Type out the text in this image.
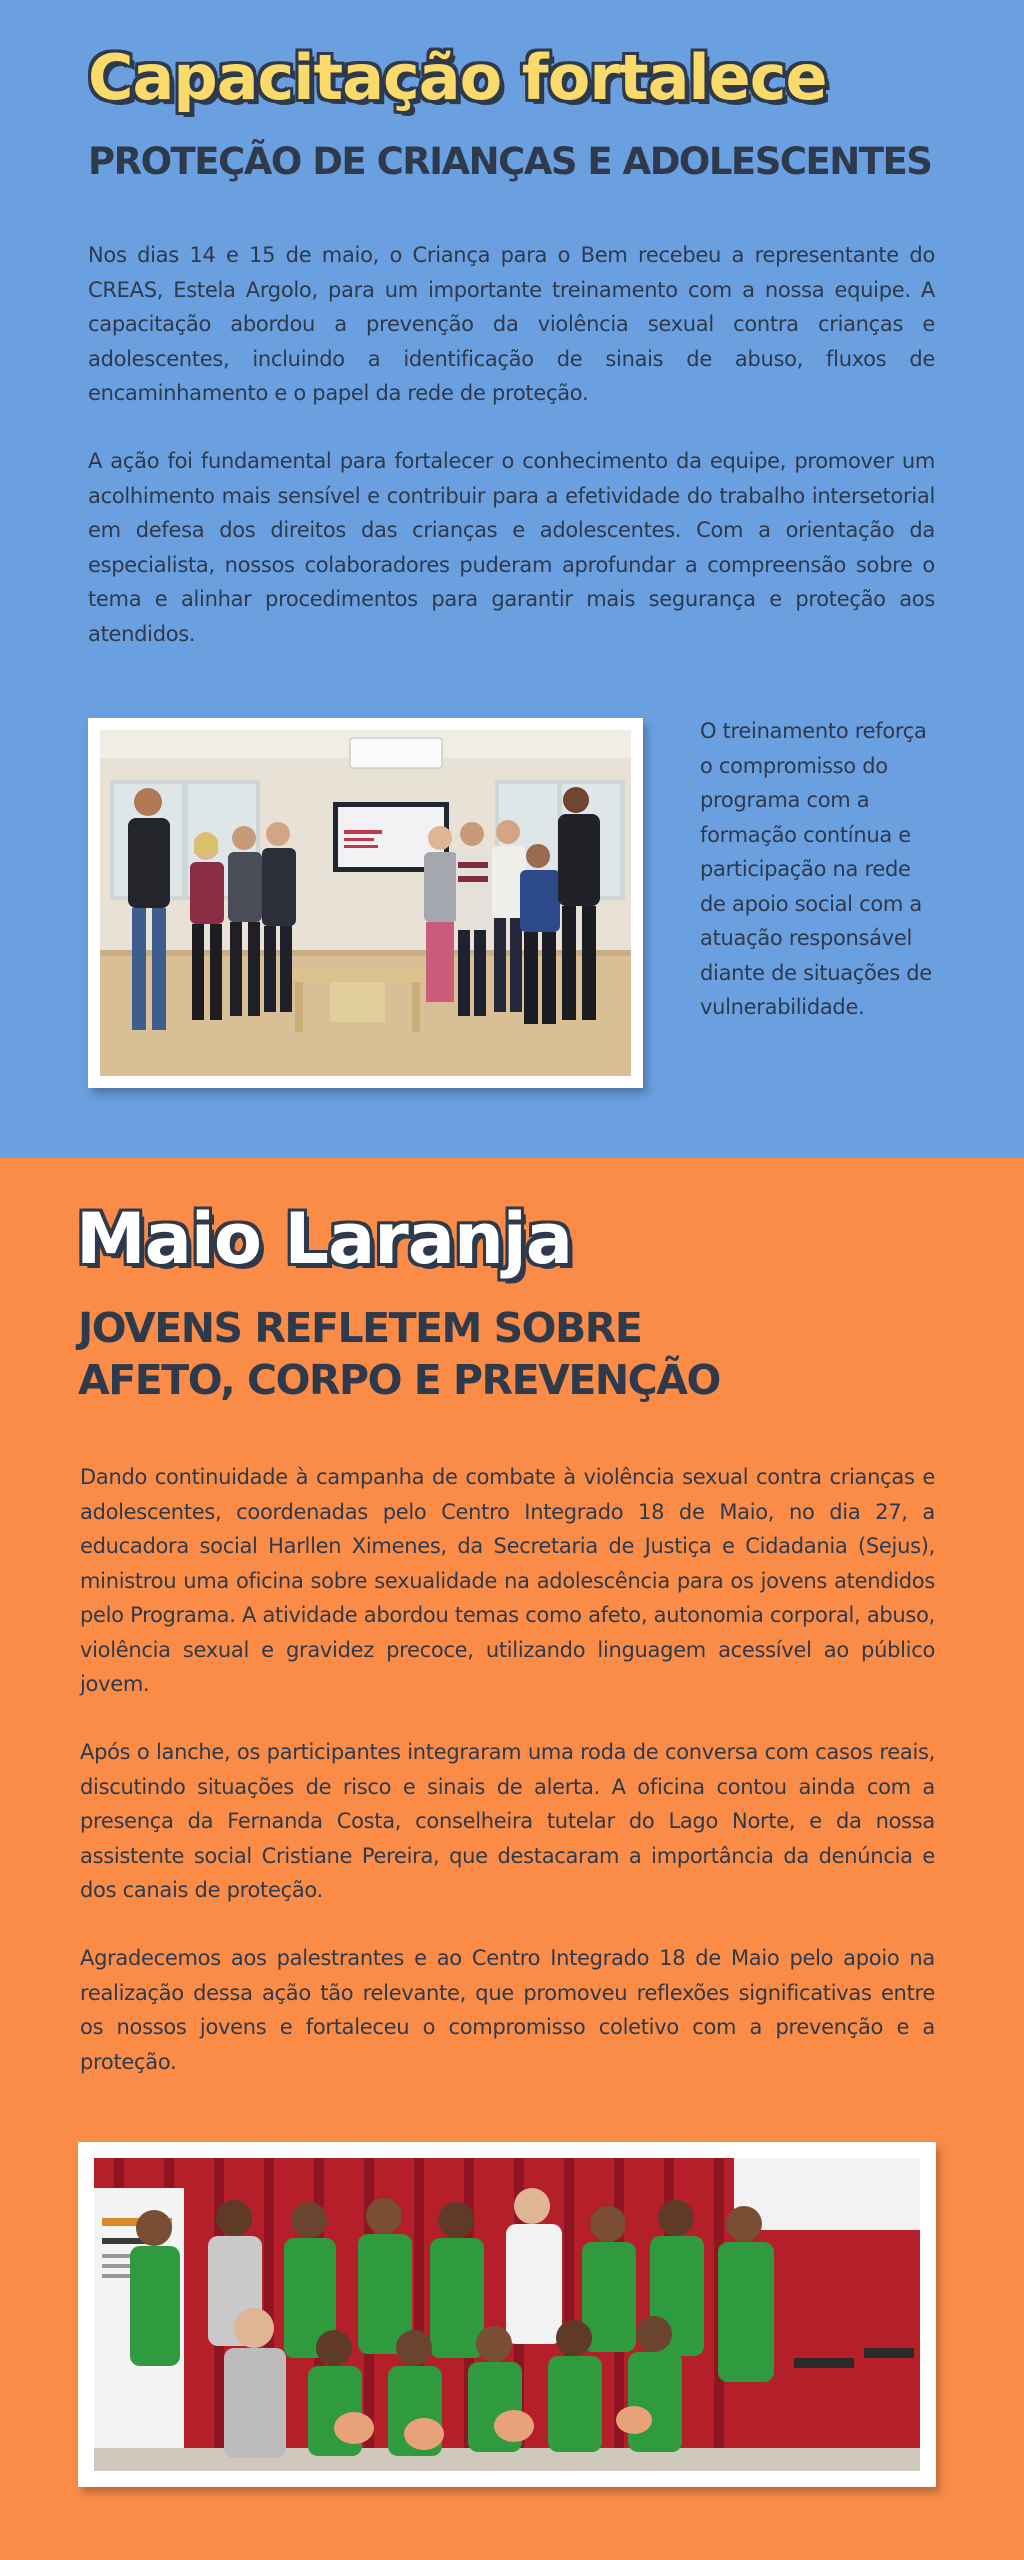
Capacitação fortalece
PROTEÇÃO DE CRIANÇAS E ADOLESCENTES

Nos dias 14 e 15 de maio, o Criança para o Bem recebeu a representante do CREAS, Estela Argolo, para um importante treinamento com a nossa equipe. A capacitação abordou a prevenção da violência sexual contra crianças e adolescentes, incluindo a identificação de sinais de abuso, fluxos de encaminhamento e o papel da rede de proteção.

A ação foi fundamental para fortalecer o conhecimento da equipe, promover um acolhimento mais sensível e contribuir para a efetividade do trabalho intersetorial em defesa dos direitos das crianças e adolescentes. Com a orientação da especialista, nossos colaboradores puderam aprofundar a compreensão sobre o tema e alinhar procedimentos para garantir mais segurança e proteção aos atendidos.

O treinamento reforça o compromisso do programa com a formação contínua e participação na rede de apoio social com a atuação responsável diante de situações de vulnerabilidade.

Maio Laranja
JOVENS REFLETEM SOBRE
AFETO, CORPO E PREVENÇÃO

Dando continuidade à campanha de combate à violência sexual contra crianças e adolescentes, coordenadas pelo Centro Integrado 18 de Maio, no dia 27, a educadora social Harllen Ximenes, da Secretaria de Justiça e Cidadania (Sejus), ministrou uma oficina sobre sexualidade na adolescência para os jovens atendidos pelo Programa. A atividade abordou temas como afeto, autonomia corporal, abuso, violência sexual e gravidez precoce, utilizando linguagem acessível ao público jovem.

Após o lanche, os participantes integraram uma roda de conversa com casos reais, discutindo situações de risco e sinais de alerta. A oficina contou ainda com a presença da Fernanda Costa, conselheira tutelar do Lago Norte, e da nossa assistente social Cristiane Pereira, que destacaram a importância da denúncia e dos canais de proteção.

Agradecemos aos palestrantes e ao Centro Integrado 18 de Maio pelo apoio na realização dessa ação tão relevante, que promoveu reflexões significativas entre os nossos jovens e fortaleceu o compromisso coletivo com a prevenção e a proteção.
